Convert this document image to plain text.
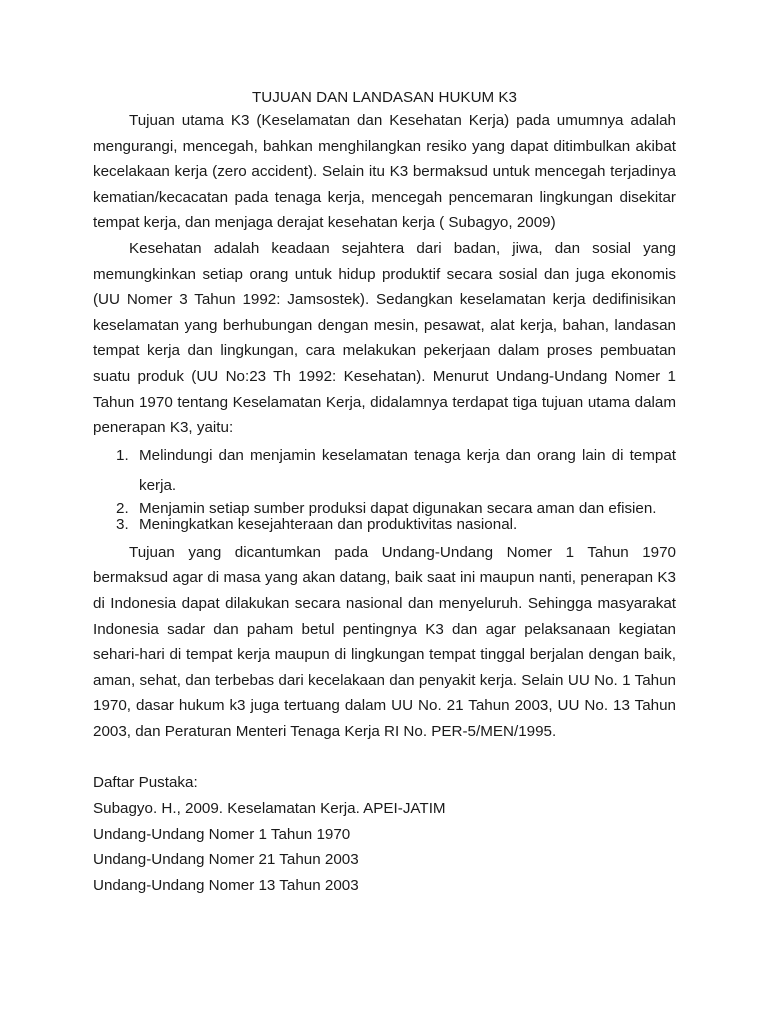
TUJUAN DAN LANDASAN HUKUM K3

Tujuan utama K3 (Keselamatan dan Kesehatan Kerja) pada umumnya adalah mengurangi, mencegah, bahkan menghilangkan resiko yang dapat ditimbulkan akibat kecelakaan kerja (zero accident). Selain itu K3 bermaksud untuk mencegah terjadinya kematian/kecacatan pada tenaga kerja, mencegah pencemaran lingkungan disekitar tempat kerja, dan menjaga derajat kesehatan kerja ( Subagyo, 2009)

Kesehatan adalah keadaan sejahtera dari badan, jiwa, dan sosial yang memungkinkan setiap orang untuk hidup produktif secara sosial dan juga ekonomis (UU Nomer 3 Tahun 1992: Jamsostek). Sedangkan keselamatan kerja dedifinisikan keselamatan yang berhubungan dengan mesin, pesawat, alat kerja, bahan, landasan tempat kerja dan lingkungan, cara melakukan pekerjaan dalam proses pembuatan suatu produk (UU No:23 Th 1992: Kesehatan). Menurut Undang-Undang Nomer 1 Tahun 1970 tentang Keselamatan Kerja, didalamnya terdapat tiga tujuan utama dalam penerapan K3, yaitu:

1. Melindungi dan menjamin keselamatan tenaga kerja dan orang lain di tempat kerja.
2. Menjamin setiap sumber produksi dapat digunakan secara aman dan efisien.
3. Meningkatkan kesejahteraan dan produktivitas nasional.

Tujuan yang dicantumkan pada Undang-Undang Nomer 1 Tahun 1970 bermaksud agar di masa yang akan datang, baik saat ini maupun nanti, penerapan K3 di Indonesia dapat dilakukan secara nasional dan menyeluruh. Sehingga masyarakat Indonesia sadar dan paham betul pentingnya K3 dan agar pelaksanaan kegiatan sehari-hari di tempat kerja maupun di lingkungan tempat tinggal berjalan dengan baik, aman, sehat, dan terbebas dari kecelakaan dan penyakit kerja. Selain UU No. 1 Tahun 1970, dasar hukum k3 juga tertuang dalam UU No. 21 Tahun 2003, UU No. 13 Tahun 2003, dan Peraturan Menteri Tenaga Kerja RI No. PER-5/MEN/1995.

Daftar Pustaka:

Subagyo. H., 2009. Keselamatan Kerja. APEI-JATIM

Undang-Undang Nomer 1 Tahun 1970

Undang-Undang Nomer 21 Tahun 2003

Undang-Undang Nomer 13 Tahun 2003
